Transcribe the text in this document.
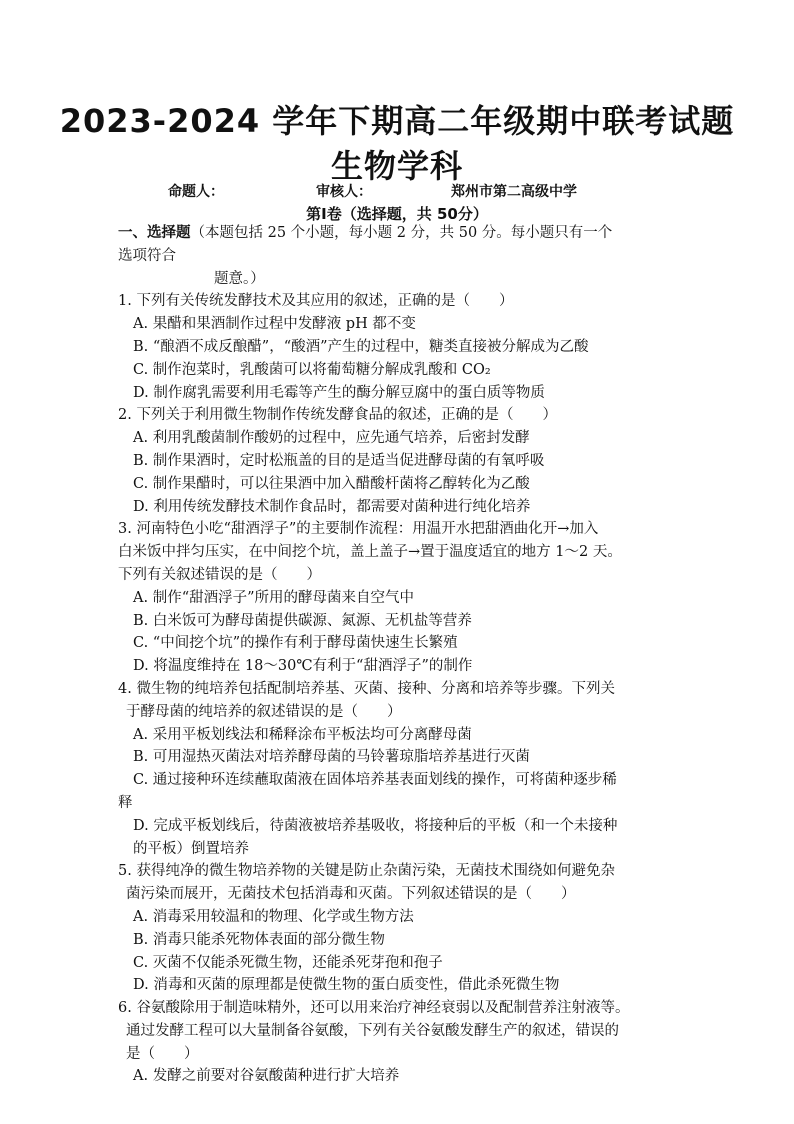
2023-2024 学年下期高二年级期中联考试题
生物学科
命题人：	审核人：	郑州市第二高级中学
第Ⅰ卷（选择题，共 50分）
一、选择题（本题包括 25 个小题，每小题 2 分，共 50 分。每小题只有一个
选项符合
题意。）
1. 下列有关传统发酵技术及其应用的叙述，正确的是（　　）
A. 果醋和果酒制作过程中发酵液 pH 都不变
B. “酿酒不成反酿醋”，“酸酒”产生的过程中，糖类直接被分解成为乙酸
C. 制作泡菜时，乳酸菌可以将葡萄糖分解成乳酸和 CO₂
D. 制作腐乳需要利用毛霉等产生的酶分解豆腐中的蛋白质等物质
2. 下列关于利用微生物制作传统发酵食品的叙述，正确的是（　　）
A. 利用乳酸菌制作酸奶的过程中，应先通气培养，后密封发酵
B. 制作果酒时，定时松瓶盖的目的是适当促进酵母菌的有氧呼吸
C. 制作果醋时，可以往果酒中加入醋酸杆菌将乙醇转化为乙酸
D. 利用传统发酵技术制作食品时，都需要对菌种进行纯化培养
3. 河南特色小吃“甜酒浮子”的主要制作流程：用温开水把甜酒曲化开→加入
白米饭中拌匀压实，在中间挖个坑，盖上盖子→置于温度适宜的地方 1～2 天。
下列有关叙述错误的是（　　）
A. 制作“甜酒浮子”所用的酵母菌来自空气中
B. 白米饭可为酵母菌提供碳源、氮源、无机盐等营养
C. “中间挖个坑”的操作有利于酵母菌快速生长繁殖
D. 将温度维持在 18～30℃有利于“甜酒浮子”的制作
4. 微生物的纯培养包括配制培养基、灭菌、接种、分离和培养等步骤。下列关
于酵母菌的纯培养的叙述错误的是（　　）
A. 采用平板划线法和稀释涂布平板法均可分离酵母菌
B. 可用湿热灭菌法对培养酵母菌的马铃薯琼脂培养基进行灭菌
C. 通过接种环连续蘸取菌液在固体培养基表面划线的操作，可将菌种逐步稀
释
D. 完成平板划线后，待菌液被培养基吸收，将接种后的平板（和一个未接种
的平板）倒置培养
5. 获得纯净的微生物培养物的关键是防止杂菌污染，无菌技术围绕如何避免杂
菌污染而展开，无菌技术包括消毒和灭菌。下列叙述错误的是（　　）
A. 消毒采用较温和的物理、化学或生物方法
B. 消毒只能杀死物体表面的部分微生物
C. 灭菌不仅能杀死微生物，还能杀死芽孢和孢子
D. 消毒和灭菌的原理都是使微生物的蛋白质变性，借此杀死微生物
6. 谷氨酸除用于制造味精外，还可以用来治疗神经衰弱以及配制营养注射液等。
通过发酵工程可以大量制备谷氨酸，下列有关谷氨酸发酵生产的叙述，错误的
是（　　）
A. 发酵之前要对谷氨酸菌种进行扩大培养
